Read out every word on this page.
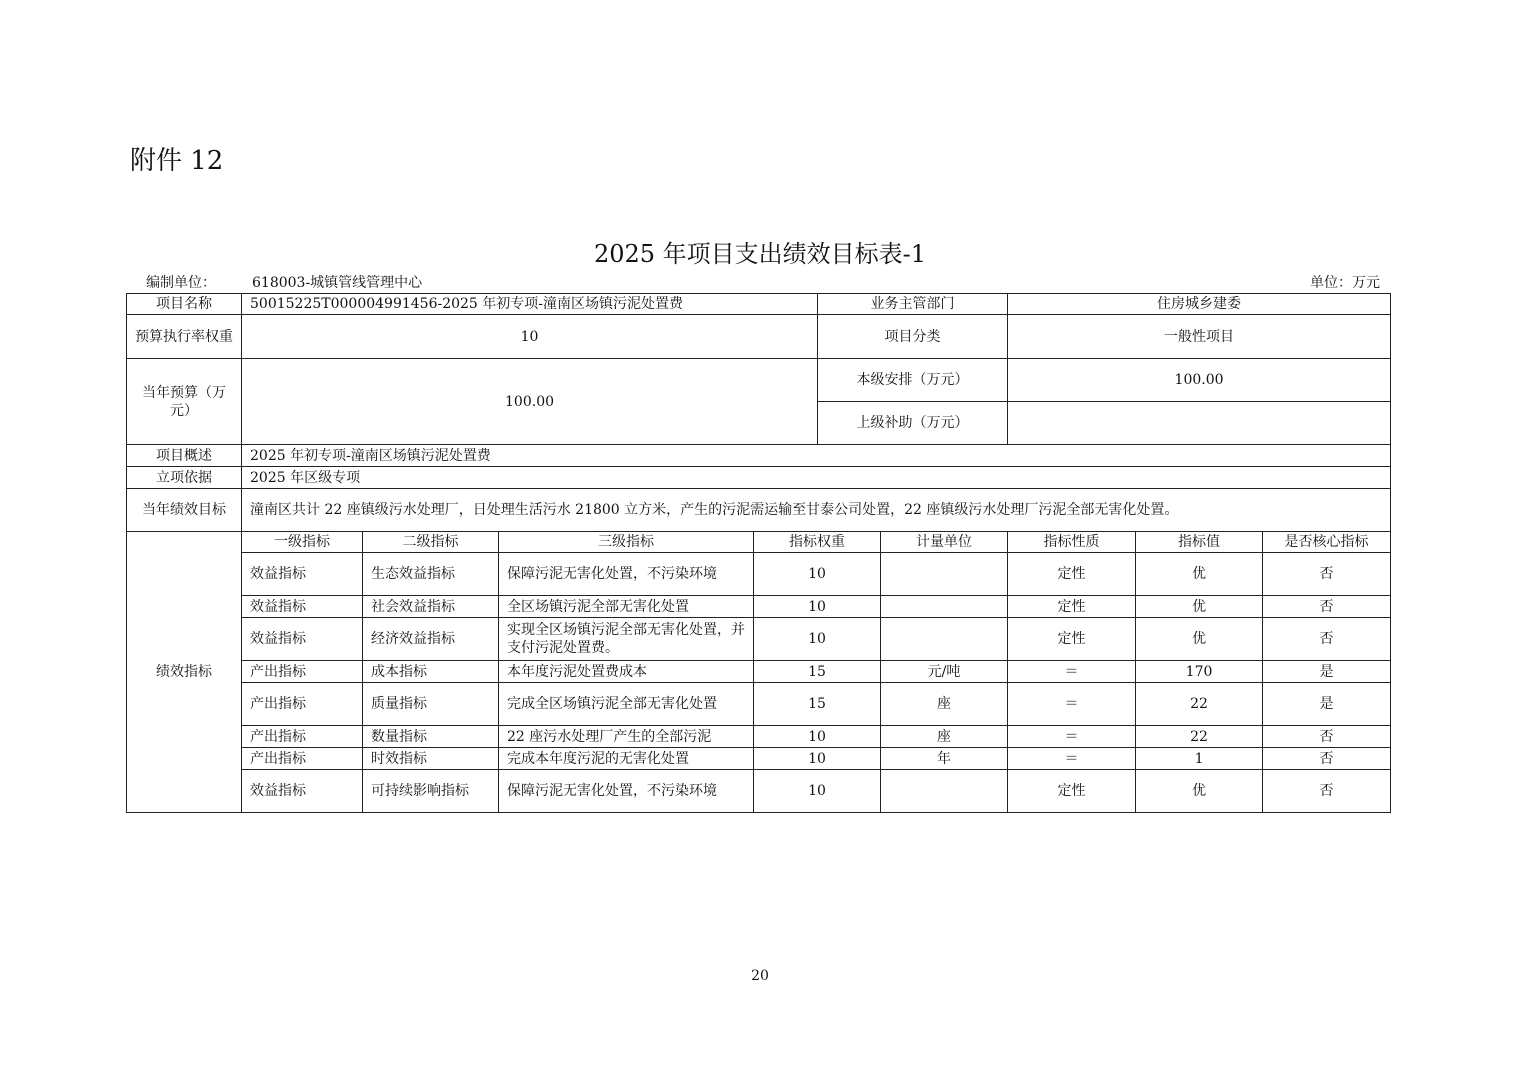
附件 12
2025 年项目支出绩效目标表-1
编制单位：	618003-城镇管线管理中心	单位：万元
项目名称	50015225T000004991456-2025 年初专项-潼南区场镇污泥处置费				业务主管部门		住房城乡建委		
预算执行率权重	10				项目分类		一般性项目		
当年预算（万元）	100.00				本级安排（万元）		100.00		
					上级补助（万元）				
项目概述	2025 年初专项-潼南区场镇污泥处置费								
立项依据	2025 年区级专项								
当年绩效目标	潼南区共计 22 座镇级污水处理厂，日处理生活污水 21800 立方米，产生的污泥需运输至甘泰公司处置，22 座镇级污水处理厂污泥全部无害化处置。								
绩效指标	一级指标	二级指标	三级指标	指标权重		计量单位	指标性质	指标值	是否核心指标
	效益指标	生态效益指标	保障污泥无害化处置，不污染环境	10			定性	优	否
	效益指标	社会效益指标	全区场镇污泥全部无害化处置	10			定性	优	否
	效益指标	经济效益指标	实现全区场镇污泥全部无害化处置，并支付污泥处置费。	10			定性	优	否
	产出指标	成本指标	本年度污泥处置费成本	15		元/吨	＝	170	是
	产出指标	质量指标	完成全区场镇污泥全部无害化处置	15		座	＝	22	是
	产出指标	数量指标	22 座污水处理厂产生的全部污泥	10		座	＝	22	否
	产出指标	时效指标	完成本年度污泥的无害化处置	10		年	＝	1	否
	效益指标	可持续影响指标	保障污泥无害化处置，不污染环境	10			定性	优	否
20
